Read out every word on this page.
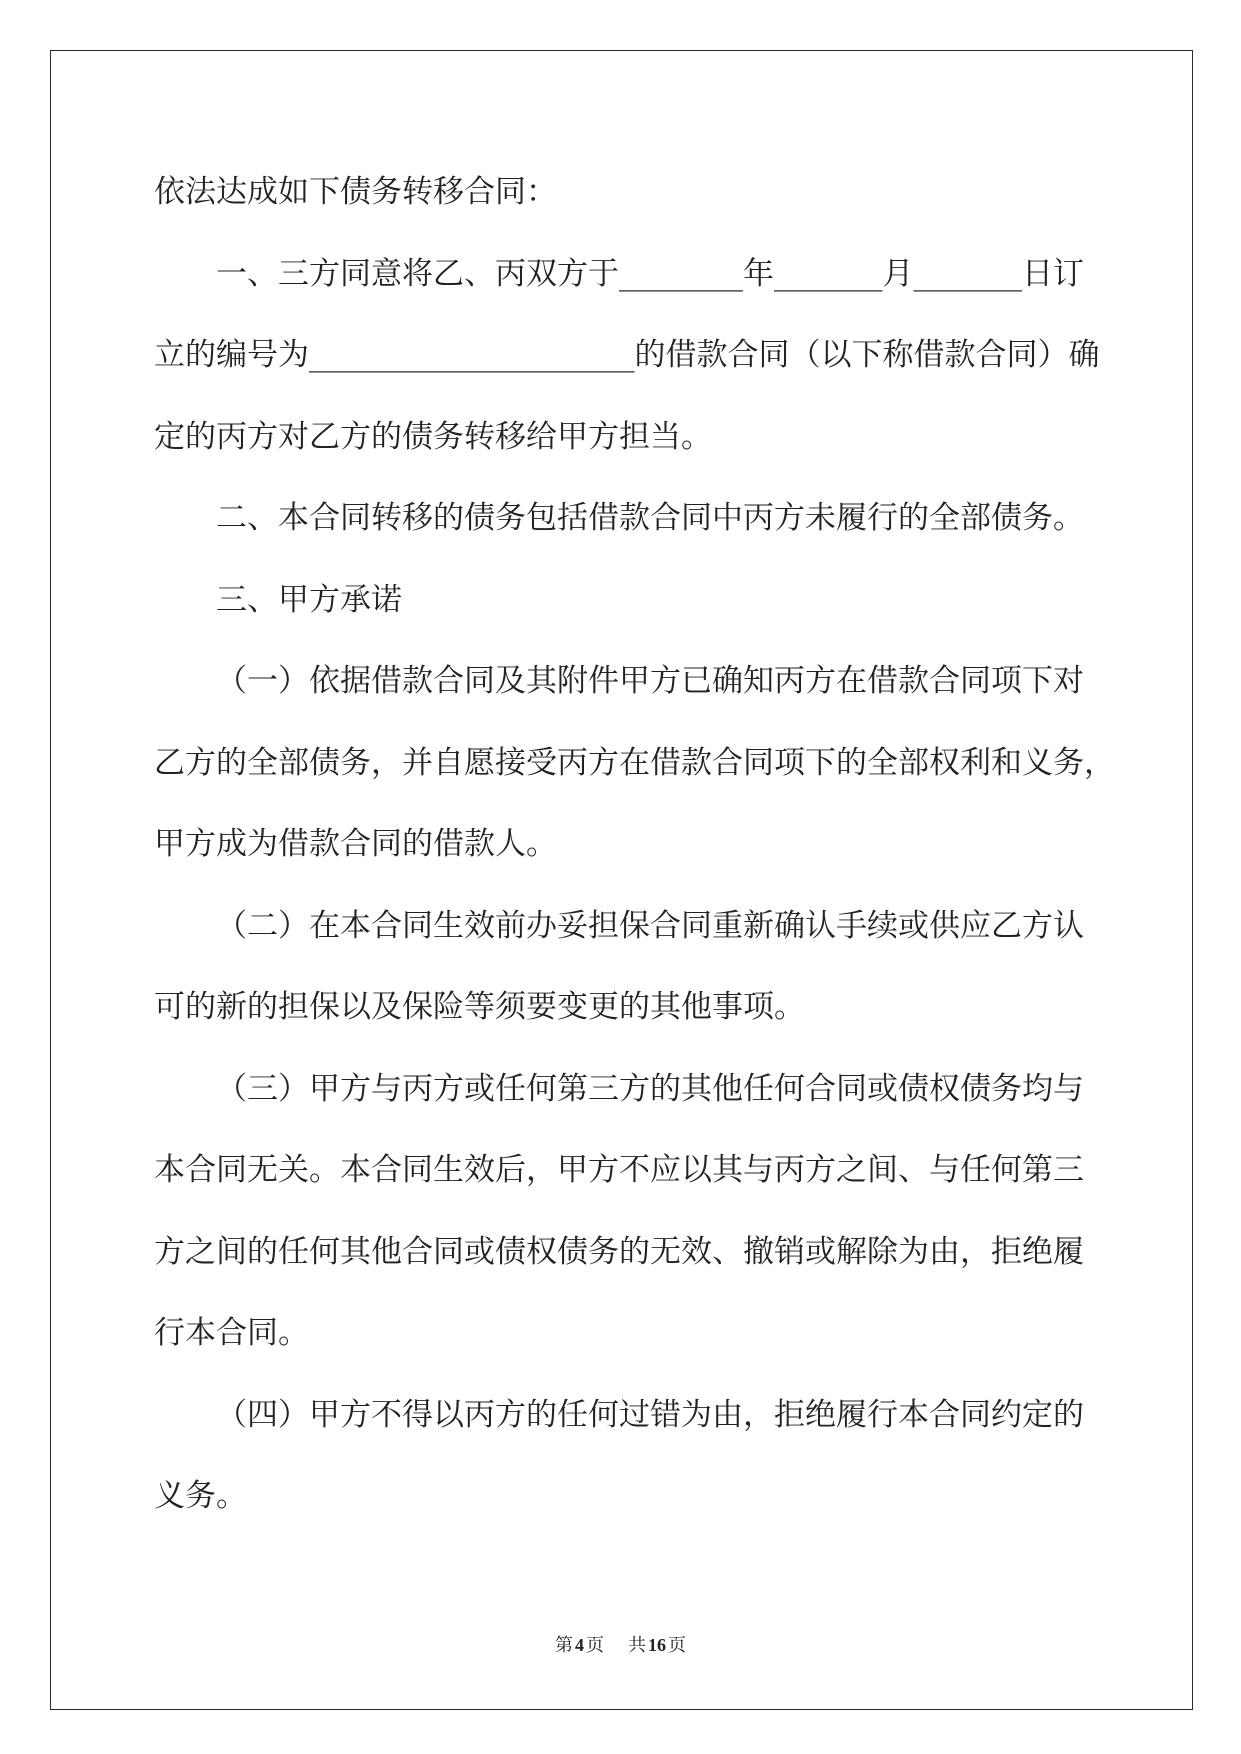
依法达成如下债务转移合同：
一、三方同意将乙、丙双方于________年_______月_______日订
立的编号为_____________________的借款合同（以下称借款合同）确
定的丙方对乙方的债务转移给甲方担当。
二、本合同转移的债务包括借款合同中丙方未履行的全部债务。
三、甲方承诺
（一）依据借款合同及其附件甲方已确知丙方在借款合同项下对
乙方的全部债务，并自愿接受丙方在借款合同项下的全部权利和义务，
甲方成为借款合同的借款人。
（二）在本合同生效前办妥担保合同重新确认手续或供应乙方认
可的新的担保以及保险等须要变更的其他事项。
（三）甲方与丙方或任何第三方的其他任何合同或债权债务均与
本合同无关。本合同生效后，甲方不应以其与丙方之间、与任何第三
方之间的任何其他合同或债权债务的无效、撤销或解除为由，拒绝履
行本合同。
（四）甲方不得以丙方的任何过错为由，拒绝履行本合同约定的
义务。
第 4 页 共 16 页
